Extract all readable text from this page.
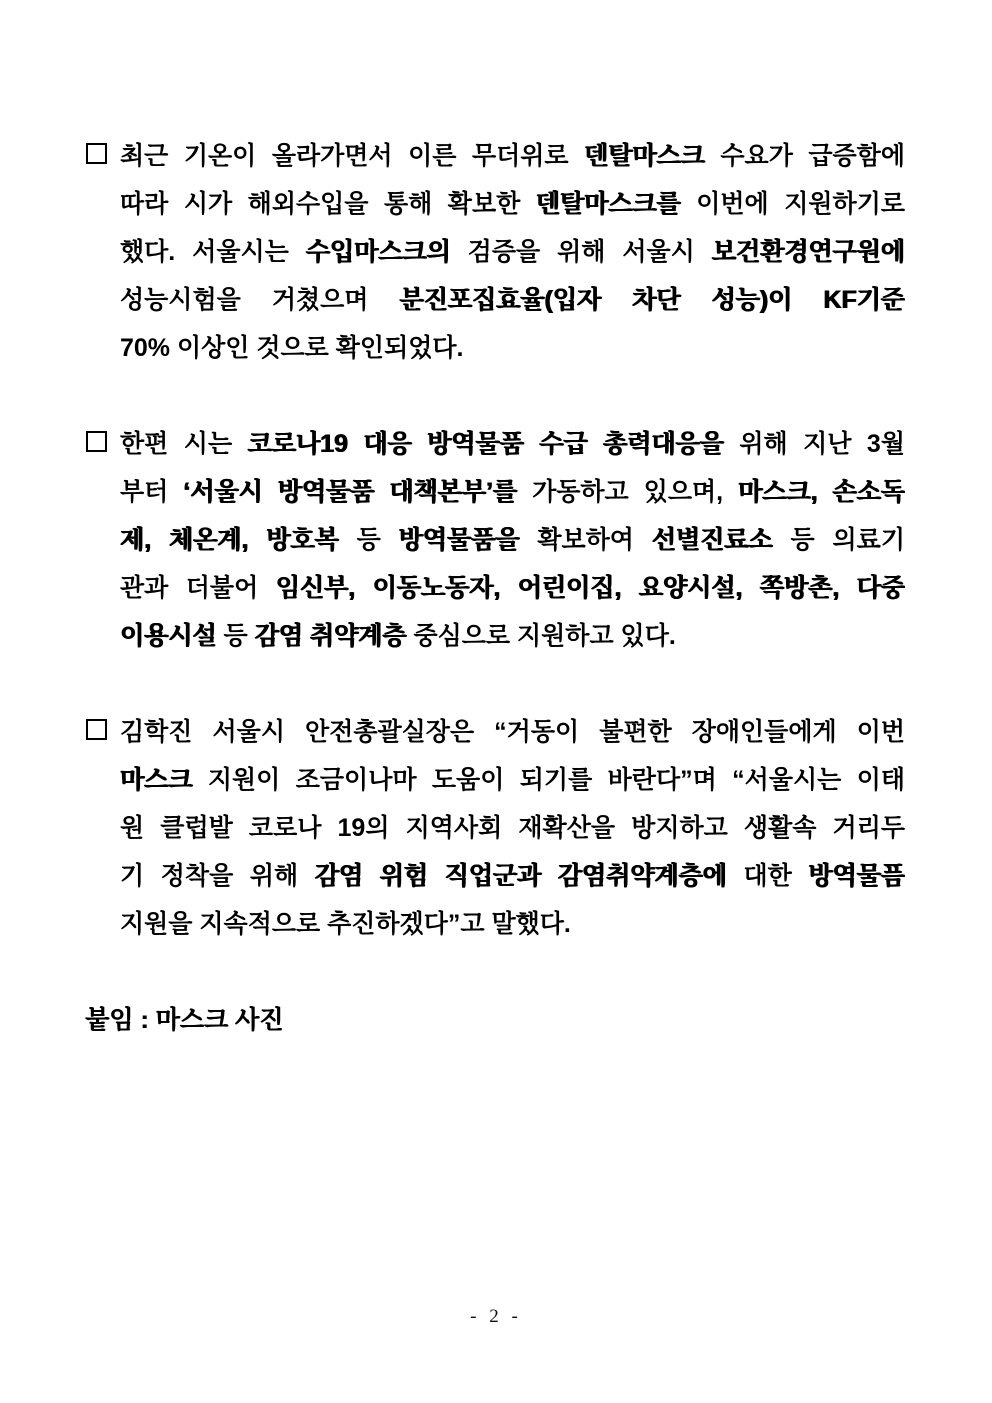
최근 기온이 올라가면서 이른 무더위로 덴탈마스크 수요가 급증함에
따라 시가 해외수입을 통해 확보한 덴탈마스크를 이번에 지원하기로
했다. 서울시는 수입마스크의 검증을 위해 서울시 보건환경연구원에
성능시험을 거쳤으며 분진포집효율(입자 차단 성능)이 KF기준
70% 이상인 것으로 확인되었다.
한편 시는 코로나19 대응 방역물품 수급 총력대응을 위해 지난 3월
부터 ‘서울시 방역물품 대책본부’를 가동하고 있으며, 마스크, 손소독
제, 체온계, 방호복 등 방역물품을 확보하여 선별진료소 등 의료기
관과 더불어 임신부, 이동노동자, 어린이집, 요양시설, 쪽방촌, 다중
이용시설 등 감염 취약계층 중심으로 지원하고 있다.
김학진 서울시 안전총괄실장은 “거동이 불편한 장애인들에게 이번
마스크 지원이 조금이나마 도움이 되기를 바란다”며 “서울시는 이태
원 클럽발 코로나 19의 지역사회 재확산을 방지하고 생활속 거리두
기 정착을 위해 감염 위험 직업군과 감염취약계층에 대한 방역물픔
지원을 지속적으로 추진하겠다”고 말했다.
붙임 : 마스크 사진
- 2 -
